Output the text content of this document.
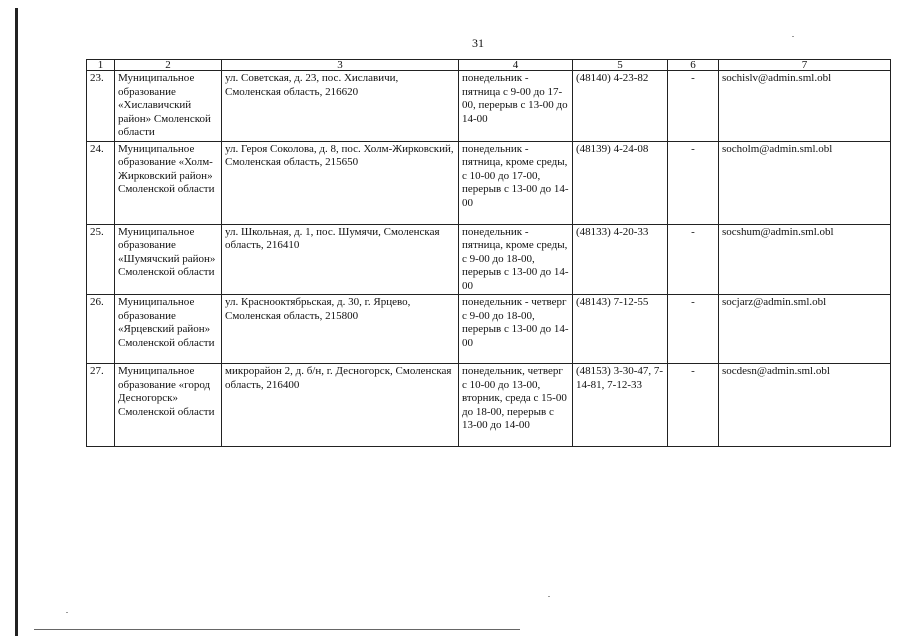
31
1	2	3	4	5	6	7
23.	Муниципальное образование «Хиславичский район» Смоленской области	ул. Советская, д. 23, пос. Хиславичи, Смоленская область, 216620	понедельник - пятница с 9-00 до 17-00, перерыв с 13-00 до 14-00	(48140) 4-23-82	-	sochislv@admin.sml.obl
24.	Муниципальное образование «Холм-Жирковский район» Смоленской области	ул. Героя Соколова, д. 8, пос. Холм-Жирковский, Смоленская область, 215650	понедельник - пятница, кроме среды, с 10-00 до 17-00, перерыв с 13-00 до 14-00	(48139) 4-24-08	-	socholm@admin.sml.obl
25.	Муниципальное образование «Шумячский район» Смоленской области	ул. Школьная, д. 1, пос. Шумячи, Смоленская область, 216410	понедельник - пятница, кроме среды, с 9-00 до 18-00, перерыв с 13-00 до 14-00	(48133) 4-20-33	-	socshum@admin.sml.obl
26.	Муниципальное образование «Ярцевский район» Смоленской области	ул. Краснооктябрьская, д. 30, г. Ярцево, Смоленская область, 215800	понедельник - четверг с 9-00 до 18-00, перерыв с 13-00 до 14-00	(48143) 7-12-55	-	socjarz@admin.sml.obl
27.	Муниципальное образование «город Десногорск» Смоленской области	микрорайон 2, д. б/н, г. Десногорск, Смоленская область, 216400	понедельник, четверг с 10-00 до 13-00, вторник, среда с 15-00 до 18-00, перерыв с 13-00 до 14-00	(48153) 3-30-47, 7-14-81, 7-12-33	-	socdesn@admin.sml.obl
